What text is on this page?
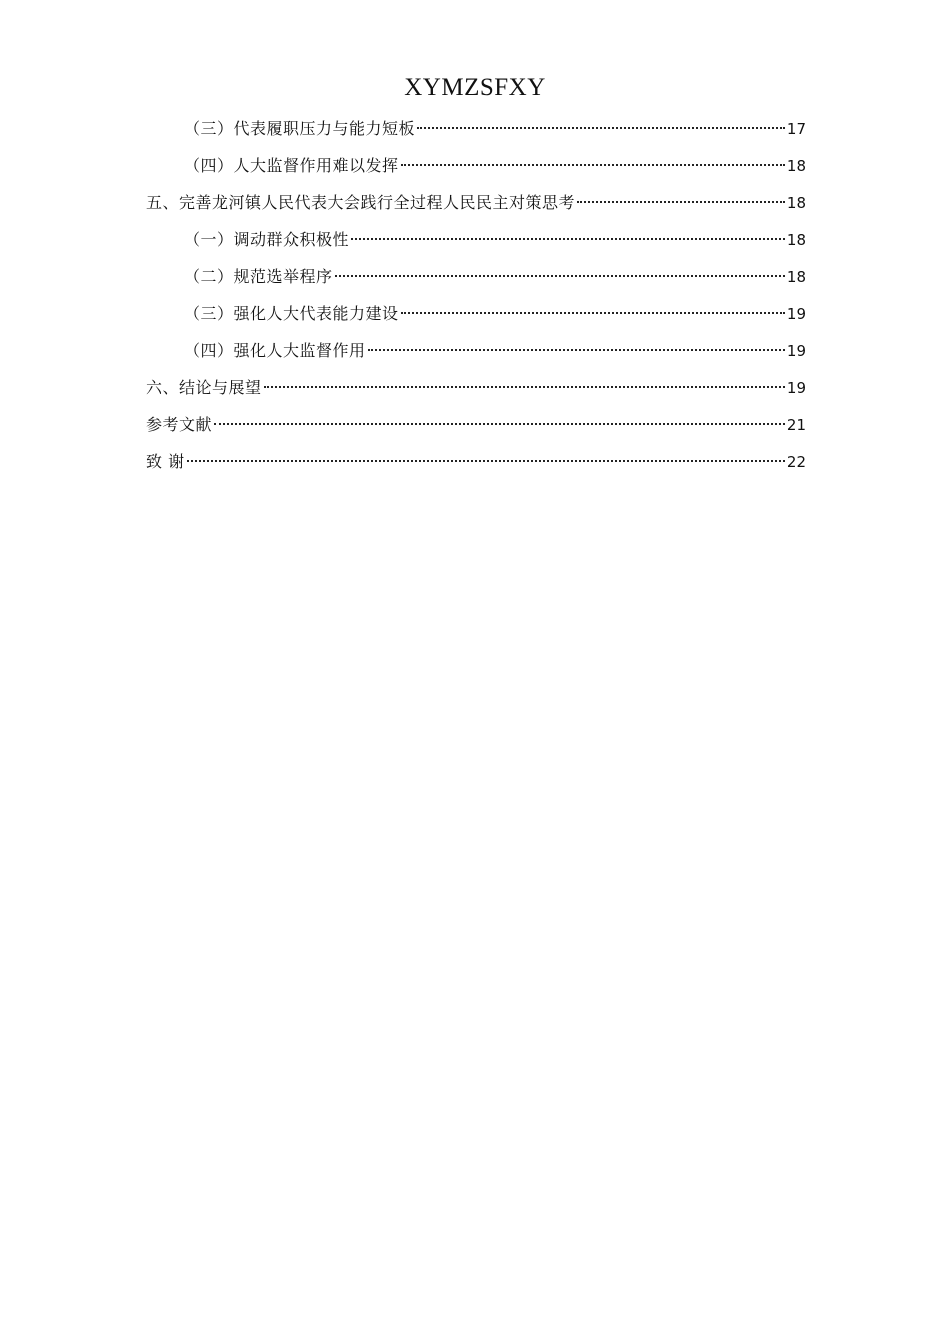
XYMZSFXY
（三）代表履职压力与能力短板	17
（四）人大监督作用难以发挥	18
五、完善龙河镇人民代表大会践行全过程人民民主对策思考	18
（一）调动群众积极性	18
（二）规范选举程序	18
（三）强化人大代表能力建设	19
（四）强化人大监督作用	19
六、结论与展望	19
参考文献	21
致 谢	22
